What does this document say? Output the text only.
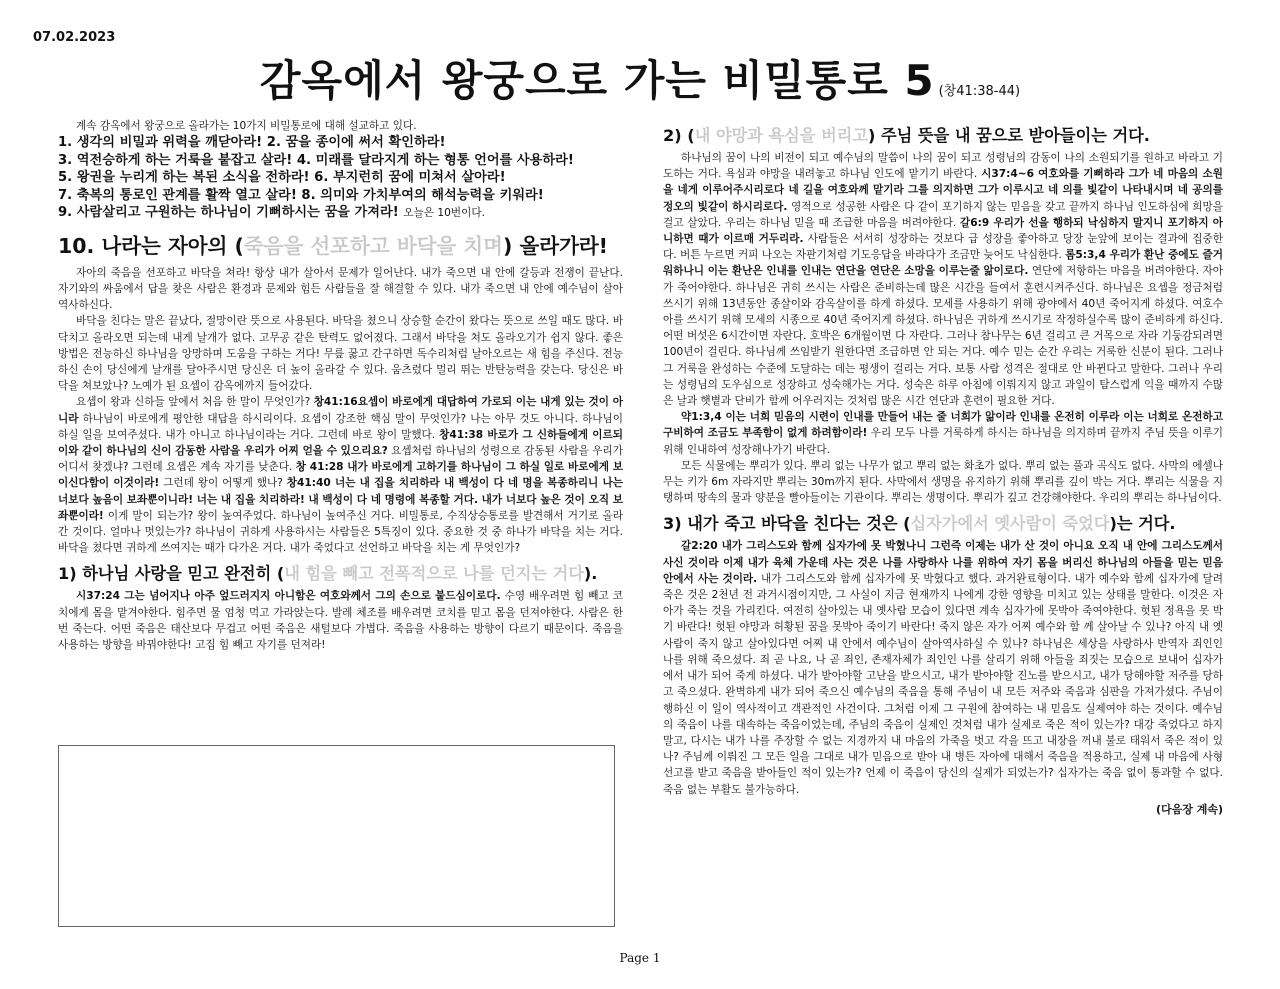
07.02.2023
감옥에서 왕궁으로 가는 비밀통로 5 (창41:38-44)

계속 감옥에서 왕궁으로 올라가는 10가지 비밀통로에 대해 설교하고 있다.

1. 생각의 비밀과 위력을 깨닫아라! 2. 꿈을 종이에 써서 확인하라!
3. 역전승하게 하는 거룩을 붙잡고 살라! 4. 미래를 달라지게 하는 형통 언어를 사용하라!
5. 왕권을 누리게 하는 복된 소식을 전하라! 6. 부지런히 꿈에 미쳐서 살아라!
7. 축복의 통로인 관계를 활짝 열고 살라! 8. 의미와 가치부여의 해석능력을 키워라!
9. 사람살리고 구원하는 하나님이 기뻐하시는 꿈을 가져라! 오늘은 10번이다.
10. 나라는 자아의 (죽음을 선포하고 바닥을 치며) 올라가라!

자아의 죽음을 선포하고 바닥을 쳐라! 항상 내가 살아서 문제가 일어난다. 내가 죽으면 내 안에 갈등과 전쟁이 끝난다. 자기와의 싸움에서 답을 찾은 사람은 환경과 문제와 힘든 사람들을 잘 해결할 수 있다. 내가 죽으면 내 안에 예수님이 살아 역사하신다.

바닥을 친다는 말은 끝났다, 절망이란 뜻으로 사용된다. 바닥을 쳤으니 상승할 순간이 왔다는 뜻으로 쓰일 때도 많다. 바닥치고 올라오면 되는데 내게 날개가 없다. 고무공 같은 탄력도 없어졌다. 그래서 바닥을 쳐도 올라오기가 쉽지 않다. 좋은 방법은 전능하신 하나님을 앙망하며 도움을 구하는 거다! 무릎 꿇고 간구하면 독수리처럼 날아오르는 새 힘을 주신다. 전능하신 손이 당신에게 날개를 달아주시면 당신은 더 높이 올라갈 수 있다. 움츠렸다 멀리 뛰는 반탄능력을 갖는다. 당신은 바닥을 쳐보았나? 노예가 된 요셉이 감옥에까지 들어갔다.

요셉이 왕과 신하들 앞에서 처음 한 말이 무엇인가? 창41:16요셉이 바로에게 대답하여 가로되 이는 내게 있는 것이 아니라 하나님이 바로에게 평안한 대답을 하시리이다. 요셉이 강조한 핵심 말이 무엇인가? 나는 아무 것도 아니다. 하나님이 하실 일을 보여주셨다. 내가 아니고 하나님이라는 거다. 그런데 바로 왕이 말했다. 창41:38 바로가 그 신하들에게 이르되 이와 같이 하나님의 신이 감동한 사람을 우리가 어찌 얻을 수 있으리요? 요셉처럼 하나님의 성령으로 감동된 사람을 우리가 어디서 찾겠냐? 그런데 요셉은 계속 자기를 낮춘다. 창 41:28 내가 바로에게 고하기를 하나님이 그 하실 일로 바로에게 보이신다함이 이것이라! 그런데 왕이 어떻게 했나? 창41:40 너는 내 집을 치리하라 내 백성이 다 네 명을 복종하리니 나는 너보다 높음이 보좌뿐이니라! 너는 내 집을 치리하라! 내 백성이 다 네 명령에 복종할 거다. 내가 너보다 높은 것이 오직 보좌뿐이라! 이게 말이 되는가? 왕이 높여주었다. 하나님이 높여주신 거다. 비밀통로, 수직상승통로를 발견해서 거기로 올라간 것이다. 얼마나 멋있는가? 하나님이 귀하게 사용하시는 사람들은 5특징이 있다. 중요한 것 중 하나가 바닥을 치는 거다. 바닥을 쳤다면 귀하게 쓰여지는 때가 다가온 거다. 내가 죽었다고 선언하고 바닥을 치는 게 무엇인가?

1) 하나님 사랑을 믿고 완전히 (내 힘을 빼고 전폭적으로 나를 던지는 거다).

시37:24 그는 넘어지나 아주 엎드러지지 아니함은 여호와께서 그의 손으로 붙드심이로다. 수영 배우려면 힘 빼고 코치에게 몸을 맡겨야한다. 힘주면 물 엄청 먹고 가라앉는다. 발레 체조를 배우려면 코치를 믿고 몸을 던져야한다. 사람은 한번 죽는다. 어떤 죽음은 태산보다 무겁고 어떤 죽음은 새털보다 가볍다. 죽음을 사용하는 방향이 다르기 때문이다. 죽음을 사용하는 방향을 바꿔야한다! 고집 힘 빼고 자기를 던져라!

2) (내 야망과 욕심을 버리고) 주님 뜻을 내 꿈으로 받아들이는 거다.

하나님의 꿈이 나의 비전이 되고 예수님의 말씀이 나의 꿈이 되고 성령님의 감동이 나의 소원되기를 원하고 바라고 기도하는 거다. 욕심과 야망을 내려놓고 하나님 인도에 맡기기 바란다. 시37:4~6 여호와를 기뻐하라 그가 네 마음의 소원을 네게 이루어주시리로다 네 길을 여호와께 맡기라 그를 의지하면 그가 이루시고 네 의를 빛같이 나타내시며 네 공의를 정오의 빛같이 하시리로다. 영적으로 성공한 사람은 다 같이 포기하지 않는 믿음을 갖고 끝까지 하나님 인도하심에 희망을 걸고 살았다. 우리는 하나님 믿을 때 조급한 마음을 버려야한다. 갈6:9 우리가 선을 행하되 낙심하지 말지니 포기하지 아니하면 때가 이르매 거두리라. 사람들은 서서히 성장하는 것보다 급 성장을 좋아하고 당장 눈앞에 보이는 결과에 집중한다. 버튼 누르면 커피 나오는 자판기처럼 기도응답을 바라다가 조금만 늦어도 낙심한다. 롬5:3,4 우리가 환난 중에도 즐거워하나니 이는 환난은 인내를 인내는 연단을 연단은 소망을 이루는줄 앎이로다. 연단에 저항하는 마음을 버려야한다. 자아가 죽어야한다. 하나님은 귀히 쓰시는 사람은 준비하는데 많은 시간을 들여서 훈련시켜주신다. 하나님은 요셉을 정금처럼 쓰시기 위해 13년동안 종살이와 감옥살이를 하게 하셨다. 모세를 사용하기 위해 광야에서 40년 죽어지게 하셨다. 여호수아를 쓰시기 위해 모세의 시종으로 40년 죽어지게 하셨다. 하나님은 귀하게 쓰시기로 작정하실수록 많이 준비하게 하신다. 어떤 버섯은 6시간이면 자란다. 호박은 6개월이면 다 자란다. 그러나 참나무는 6년 걸리고 큰 거목으로 자라 기둥감되려면 100년이 걸린다. 하나님께 쓰임받기 원한다면 조급하면 안 되는 거다. 예수 믿는 순간 우리는 거룩한 신분이 된다. 그러나 그 거룩을 완성하는 수준에 도달하는 데는 평생이 걸리는 거다. 보통 사람 성격은 절대로 안 바뀐다고 말한다. 그러나 우리는 성령님의 도우심으로 성장하고 성숙해가는 거다. 성숙은 하루 아침에 이뤄지지 않고 과일이 탐스럽게 익을 때까지 수많은 날과 햇볕과 단비가 함께 어우러지는 것처럼 많은 시간 연단과 훈련이 필요한 거다.

약1:3,4 이는 너희 믿음의 시련이 인내를 만들어 내는 줄 너희가 앎이라 인내를 온전히 이루라 이는 너희로 온전하고 구비하여 조금도 부족함이 없게 하려함이라! 우리 모두 나를 거룩하게 하시는 하나님을 의지하며 끝까지 주님 뜻을 이루기 위해 인내하여 성장해나가기 바란다.

모든 식물에는 뿌리가 있다. 뿌리 없는 나무가 없고 뿌리 없는 화초가 없다. 뿌리 없는 풀과 곡식도 없다. 사막의 에셀나무는 키가 6m 자라지만 뿌리는 30m까지 된다. 사막에서 생명을 유지하기 위해 뿌리를 깊이 박는 거다. 뿌리는 식물을 지탱하며 땅속의 물과 양분을 빨아들이는 기관이다. 뿌리는 생명이다. 뿌리가 깊고 건강해야한다. 우리의 뿌리는 하나님이다.

3) 내가 죽고 바닥을 친다는 것은 (십자가에서 옛사람이 죽었다)는 거다.

갈2:20 내가 그리스도와 함께 십자가에 못 박혔나니 그런즉 이제는 내가 산 것이 아니요 오직 내 안에 그리스도께서 사신 것이라 이제 내가 육체 가운데 사는 것은 나를 사랑하사 나를 위하여 자기 몸을 버리신 하나님의 아들을 믿는 믿음 안에서 사는 것이라. 내가 그리스도와 함께 십자가에 못 박혔다고 했다. 과거완료형이다. 내가 예수와 함께 십자가에 달려 죽은 것은 2천년 전 과거시점이지만, 그 사실이 지금 현재까지 나에게 강한 영향을 미치고 있는 상태를 말한다. 이것은 자아가 죽는 것을 가리킨다. 여전히 살아있는 내 옛사람 모습이 있다면 계속 십자가에 못박아 죽여야한다. 헛된 정욕을 못 박기 바란다! 헛된 야망과 허황된 꿈을 못박아 죽이기 바란다! 죽지 않은 자가 어찌 예수와 함 께 살아날 수 있나? 아직 내 옛사람이 죽지 않고 살아있다면 어찌 내 안에서 예수님이 살아역사하실 수 있나? 하나님은 세상을 사랑하사 반역자 죄인인 나를 위해 죽으셨다. 죄 곧 나요, 나 곧 죄인, 존재자체가 죄인인 나를 살리기 위해 아들을 죄짓는 모습으로 보내어 십자가에서 내가 되어 죽게 하셨다. 내가 받아야할 고난을 받으시고, 내가 받아야할 진노를 받으시고, 내가 당해야할 저주를 당하고 죽으셨다. 완벽하게 내가 되어 죽으신 예수님의 죽음을 통해 주님이 내 모든 저주와 죽음과 심판을 가져가셨다. 주님이 행하신 이 일이 역사적이고 객관적인 사건이다. 그처럼 이제 그 구원에 참여하는 내 믿음도 실제여야 하는 것이다. 예수님의 죽음이 나를 대속하는 죽음이었는데, 주님의 죽음이 실제인 것처럼 내가 실제로 죽은 적이 있는가? 대강 죽었다고 하지 말고, 다시는 내가 나를 주장할 수 없는 지경까지 내 마음의 가죽을 벗고 각을 뜨고 내장을 꺼내 불로 태워서 죽은 적이 있나? 주님께 이뤄진 그 모든 일을 그대로 내가 믿음으로 받아 내 병든 자아에 대해서 죽음을 적용하고, 실제 내 마음에 사형선고를 받고 죽음을 받아들인 적이 있는가? 언제 이 죽음이 당신의 실제가 되었는가? 십자가는 죽음 없이 통과할 수 없다. 죽음 없는 부활도 불가능하다.

(다음장 계속)
Page 1
